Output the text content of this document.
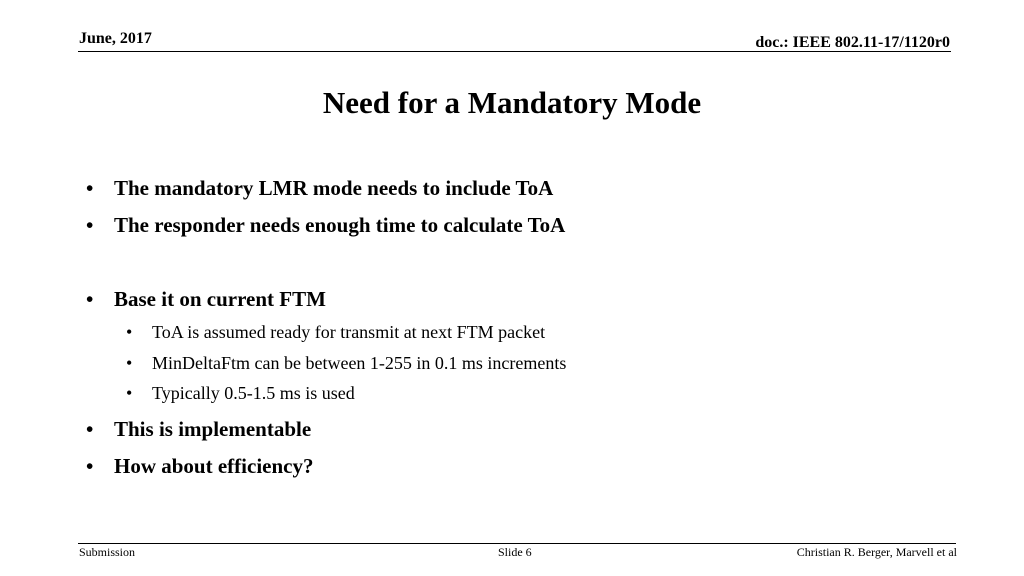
June, 2017	doc.: IEEE 802.11-17/1120r0
Need for a Mandatory Mode
• The mandatory LMR mode needs to include ToA
• The responder needs enough time to calculate ToA
• Base it on current FTM
• ToA is assumed ready for transmit at next FTM packet
• MinDeltaFtm can be between 1-255 in 0.1 ms increments
• Typically 0.5-1.5 ms is used
• This is implementable
• How about efficiency?
Submission	Slide 6	Christian R. Berger, Marvell et al
